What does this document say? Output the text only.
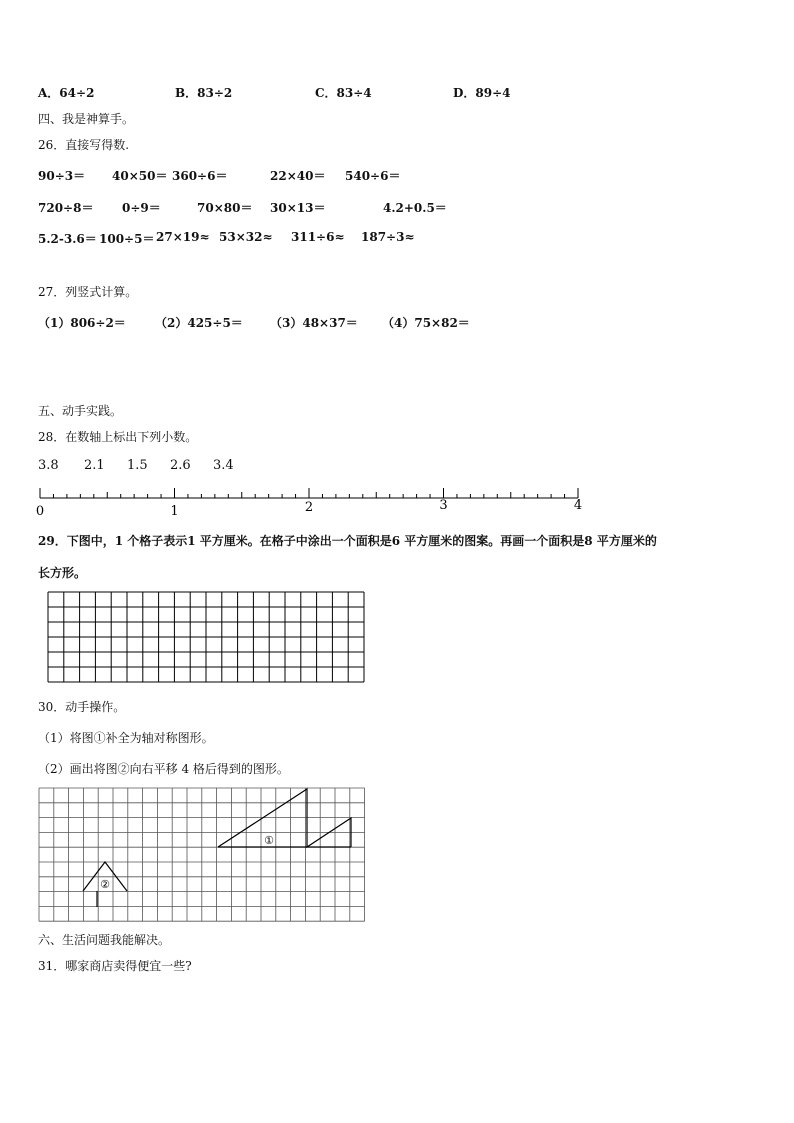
A．64÷2	B．83÷2	C．83÷4	D．89÷4
四、我是神算手。
26．直接写得数.
90÷3＝ 40×50＝ 360÷6＝	22×40＝ 540÷6＝
720÷8＝ 0÷9＝	70×80＝ 30×13＝	4.2+0.5＝
5.2-3.6＝ 100÷5＝ 27×19≈ 53×32≈ 311÷6≈ 187÷3≈
27．列竖式计算。
（1）806÷2＝ （2）425÷5＝ （3）48×37＝ （4）75×82＝
五、动手实践。
28．在数轴上标出下列小数。
3.8 2.1 1.5 2.6 3.4
0	1	2	3	4
29．下图中，1 个格子表示1 平方厘米。在格子中涂出一个面积是6 平方厘米的图案。再画一个面积是8 平方厘米的
长方形。
30．动手操作。
（1）将图①补全为轴对称图形。
（2）画出将图②向右平移 4 格后得到的图形。
①
②
六、生活问题我能解决。
31．哪家商店卖得便宜一些?
